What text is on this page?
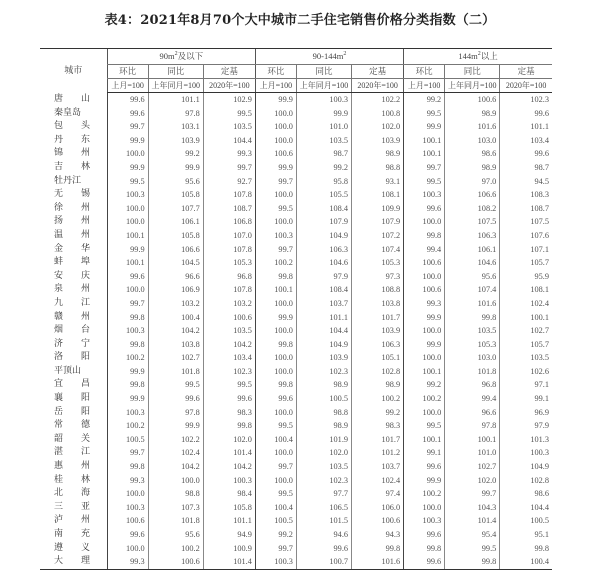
表4：2021年8月70个大中城市二手住宅销售价格分类指数（二）
城市	$90m^2$及以下			$90-144m^2$			$144m^2$以上		
	环比	同比	定基	环比	同比	定基	环比	同比	定基
	上月=100	上年同月=100	2020年=100	上月=100	上年同月=100	2020年=100	上月=100	上年同月=100	2020年=100
唐　　山	99.6	101.1	102.9	99.9	100.3	102.2	99.2	100.6	102.3
秦皇岛	99.6	97.8	99.5	100.0	99.9	100.8	99.5	98.9	99.6
包　　头	99.7	103.1	103.5	100.0	101.0	102.0	99.9	101.6	101.1
丹　　东	99.9	103.9	104.4	100.0	103.5	103.9	100.1	103.0	103.4
锦　　州	100.0	99.2	99.3	100.6	98.7	98.9	100.1	98.6	99.6
吉　　林	99.9	99.9	99.7	99.9	99.2	98.8	99.7	98.9	98.7
牡丹江	99.5	95.6	92.7	99.7	95.8	93.1	99.5	97.0	94.5
无　　锡	100.3	105.8	107.8	100.0	105.5	108.1	100.3	106.6	108.3
徐　　州	100.0	107.7	108.7	99.5	108.4	109.9	99.6	108.2	108.7
扬　　州	100.0	106.1	106.8	100.0	107.9	107.9	100.0	107.5	107.5
温　　州	100.1	105.8	107.0	100.3	104.9	107.2	99.8	106.3	107.6
金　　华	99.9	106.6	107.8	99.7	106.3	107.4	99.4	106.1	107.1
蚌　　埠	100.1	104.5	105.3	100.2	104.6	105.3	100.6	104.6	105.7
安　　庆	99.6	96.6	96.8	99.8	97.9	97.3	100.0	95.6	95.9
泉　　州	100.0	106.9	107.8	100.1	108.4	108.8	100.6	107.4	108.1
九　　江	99.7	103.2	103.2	100.0	103.7	103.8	99.3	101.6	102.4
赣　　州	99.8	100.4	100.6	99.9	101.1	101.7	99.9	99.8	100.1
烟　　台	100.3	104.2	103.5	100.0	104.4	103.9	100.0	103.5	102.7
济　　宁	99.8	103.8	104.2	99.8	104.9	106.3	99.9	105.3	105.7
洛　　阳	100.2	102.7	103.4	100.0	103.9	105.1	100.0	103.0	103.5
平顶山	99.9	101.8	102.3	100.0	102.3	102.8	100.1	101.8	102.6
宜　　昌	99.8	99.5	99.5	99.8	98.9	98.9	99.2	96.8	97.1
襄　　阳	99.9	99.6	99.6	99.6	100.5	100.2	100.2	99.4	99.1
岳　　阳	100.3	97.8	98.3	100.0	98.8	99.2	100.0	96.6	96.9
常　　德	100.2	99.9	99.8	99.5	98.9	98.3	99.5	97.8	97.9
韶　　关	100.5	102.2	102.0	100.4	101.9	101.7	100.1	100.1	101.3
湛　　江	99.7	102.4	101.4	100.0	102.0	101.2	99.1	101.0	100.3
惠　　州	99.8	104.2	104.2	99.7	103.5	103.7	99.6	102.7	104.9
桂　　林	99.3	100.0	100.3	100.0	102.3	102.4	99.9	102.0	102.8
北　　海	100.0	98.8	98.4	99.5	97.7	97.4	100.2	99.7	98.6
三　　亚	100.3	107.3	105.8	100.4	106.5	106.0	100.0	104.3	104.4
泸　　州	100.6	101.8	101.1	100.5	101.5	100.6	100.3	101.4	100.5
南　　充	99.6	95.6	94.9	99.2	94.6	94.3	99.6	95.4	95.1
遵　　义	100.0	100.2	100.9	99.7	99.6	99.8	99.8	99.5	99.8
大　　理	99.3	100.6	101.4	100.3	100.7	101.6	99.6	99.8	100.4
